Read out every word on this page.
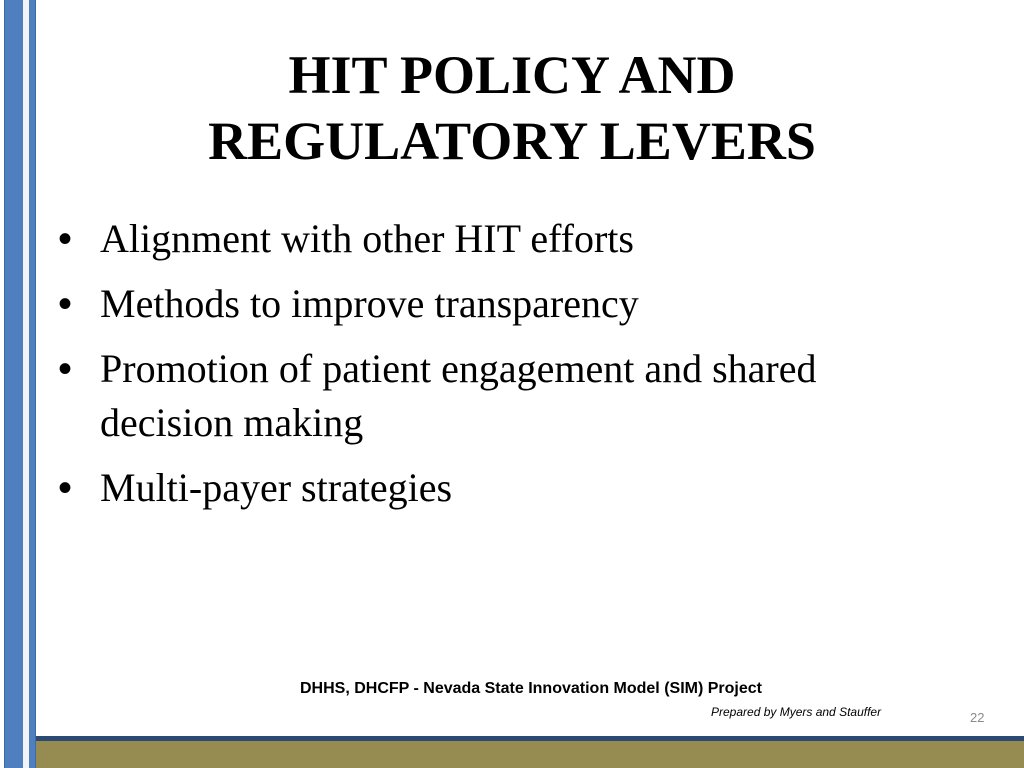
HIT POLICY AND
REGULATORY LEVERS
• Alignment with other HIT efforts
• Methods to improve transparency
• Promotion of patient engagement and shared decision making
• Multi-payer strategies
DHHS, DHCFP - Nevada State Innovation Model (SIM) Project
Prepared by Myers and Stauffer	22
